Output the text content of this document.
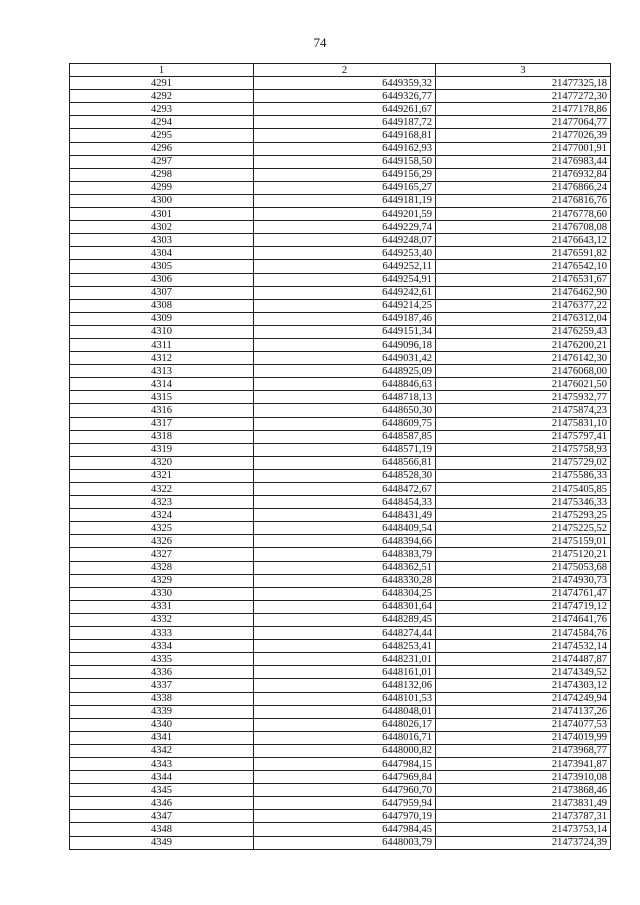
74
1	2	3
4291	6449359,32	21477325,18
4292	6449326,77	21477272,30
4293	6449261,67	21477178,86
4294	6449187,72	21477064,77
4295	6449168,81	21477026,39
4296	6449162,93	21477001,91
4297	6449158,50	21476983,44
4298	6449156,29	21476932,84
4299	6449165,27	21476866,24
4300	6449181,19	21476816,76
4301	6449201,59	21476778,60
4302	6449229,74	21476708,08
4303	6449248,07	21476643,12
4304	6449253,40	21476591,82
4305	6449252,11	21476542,10
4306	6449254,91	21476531,67
4307	6449242,61	21476462,90
4308	6449214,25	21476377,22
4309	6449187,46	21476312,04
4310	6449151,34	21476259,43
4311	6449096,18	21476200,21
4312	6449031,42	21476142,30
4313	6448925,09	21476068,00
4314	6448846,63	21476021,50
4315	6448718,13	21475932,77
4316	6448650,30	21475874,23
4317	6448609,75	21475831,10
4318	6448587,85	21475797,41
4319	6448571,19	21475758,93
4320	6448566,81	21475729,02
4321	6448528,30	21475586,33
4322	6448472,67	21475405,85
4323	6448454,33	21475346,33
4324	6448431,49	21475293,25
4325	6448409,54	21475225,52
4326	6448394,66	21475159,01
4327	6448383,79	21475120,21
4328	6448362,51	21475053,68
4329	6448330,28	21474930,73
4330	6448304,25	21474761,47
4331	6448301,64	21474719,12
4332	6448289,45	21474641,76
4333	6448274,44	21474584,76
4334	6448253,41	21474532,14
4335	6448231,01	21474487,87
4336	6448161,01	21474349,52
4337	6448132,06	21474303,12
4338	6448101,53	21474249,94
4339	6448048,01	21474137,26
4340	6448026,17	21474077,53
4341	6448016,71	21474019,99
4342	6448000,82	21473968,77
4343	6447984,15	21473941,87
4344	6447969,84	21473910,08
4345	6447960,70	21473868,46
4346	6447959,94	21473831,49
4347	6447970,19	21473787,31
4348	6447984,45	21473753,14
4349	6448003,79	21473724,39
